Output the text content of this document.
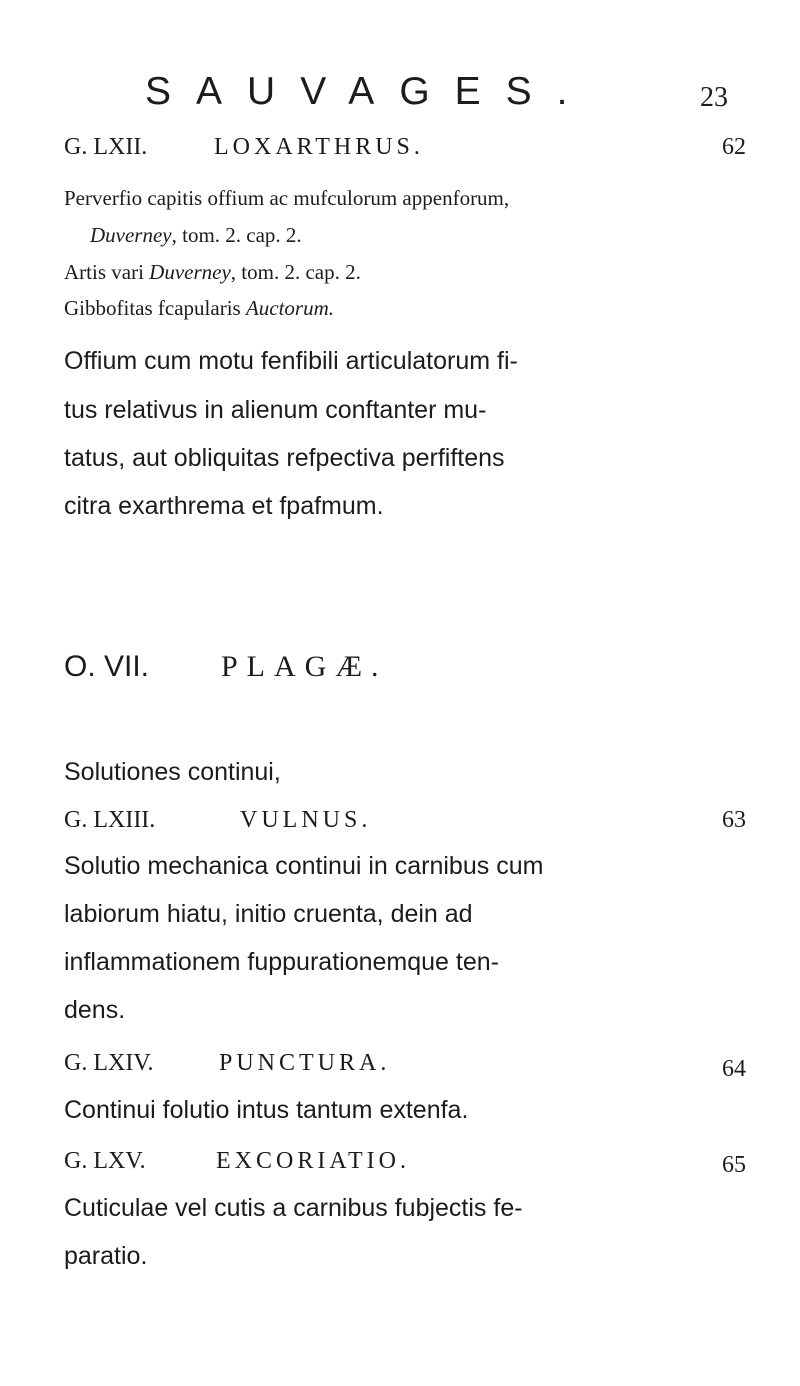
SAUVAGES.	23
G. LXII.	LOXARTHRUS.	62
Perverfio capitis offium ac mufculorum appenforum,
Duverney, tom. 2. cap. 2.
Artis vari Duverney, tom. 2. cap. 2.
Gibbofitas fcapularis Auctorum.
Offium cum motu fenfibili articulatorum fi-
tus relativus in alienum conftanter mu-
tatus, aut obliquitas refpectiva perfiftens
citra exarthrema et fpafmum.
O. VII. PLAGÆ.
Solutiones continui,
G. LXIII.	VULNUS.	63
Solutio mechanica continui in carnibus cum
labiorum hiatu, initio cruenta, dein ad
inflammationem fuppurationemque ten-
dens.
G. LXIV.	PUNCTURA.	64
Continui folutio intus tantum extenfa.
G. LXV.	EXCORIATIO.	65
Cuticulae vel cutis a carnibus fubjectis fe-
paratio.
